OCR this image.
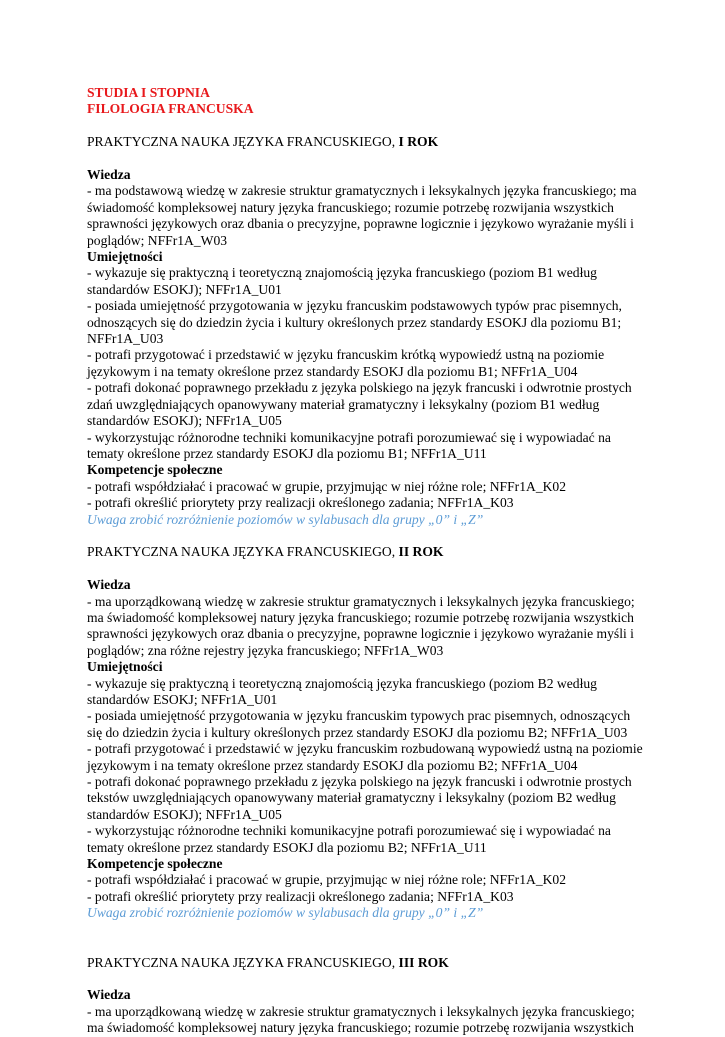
STUDIA I STOPNIA

FILOLOGIA FRANCUSKA

PRAKTYCZNA NAUKA JĘZYKA FRANCUSKIEGO, I ROK

Wiedza

- ma podstawową wiedzę w zakresie struktur gramatycznych i leksykalnych języka francuskiego; ma świadomość kompleksowej natury języka francuskiego; rozumie potrzebę rozwijania wszystkich sprawności językowych oraz dbania o precyzyjne, poprawne logicznie i językowo wyrażanie myśli i poglądów; NFFr1A_W03

Umiejętności

- wykazuje się praktyczną i teoretyczną znajomością języka francuskiego (poziom B1 według standardów ESOKJ); NFFr1A_U01

- posiada umiejętność przygotowania w języku francuskim podstawowych typów prac pisemnych, odnoszących się do dziedzin życia i kultury określonych przez standardy ESOKJ dla poziomu B1; NFFr1A_U03

- potrafi przygotować i przedstawić w języku francuskim krótką wypowiedź ustną na poziomie językowym i na tematy określone przez standardy ESOKJ dla poziomu B1; NFFr1A_U04

- potrafi dokonać poprawnego przekładu z języka polskiego na język francuski i odwrotnie prostych zdań uwzględniających opanowywany materiał gramatyczny i leksykalny (poziom B1 według standardów ESOKJ); NFFr1A_U05

- wykorzystując różnorodne techniki komunikacyjne potrafi porozumiewać się i wypowiadać na tematy określone przez standardy ESOKJ dla poziomu B1; NFFr1A_U11

Kompetencje społeczne

- potrafi współdziałać i pracować w grupie, przyjmując w niej różne role; NFFr1A_K02

- potrafi określić priorytety przy realizacji określonego zadania; NFFr1A_K03

Uwaga zrobić rozróżnienie poziomów w sylabusach dla grupy „0” i „Z”

PRAKTYCZNA NAUKA JĘZYKA FRANCUSKIEGO, II ROK

Wiedza

- ma uporządkowaną wiedzę w zakresie struktur gramatycznych i leksykalnych języka francuskiego; ma świadomość kompleksowej natury języka francuskiego; rozumie potrzebę rozwijania wszystkich sprawności językowych oraz dbania o precyzyjne, poprawne logicznie i językowo wyrażanie myśli i poglądów; zna różne rejestry języka francuskiego; NFFr1A_W03

Umiejętności

- wykazuje się praktyczną i teoretyczną znajomością języka francuskiego (poziom B2 według standardów ESOKJ; NFFr1A_U01

- posiada umiejętność przygotowania w języku francuskim typowych prac pisemnych, odnoszących się do dziedzin życia i kultury określonych przez standardy ESOKJ dla poziomu B2; NFFr1A_U03

- potrafi przygotować i przedstawić w języku francuskim rozbudowaną wypowiedź ustną na poziomie językowym i na tematy określone przez standardy ESOKJ dla poziomu B2; NFFr1A_U04

- potrafi dokonać poprawnego przekładu z języka polskiego na język francuski i odwrotnie prostych tekstów uwzględniających opanowywany materiał gramatyczny i leksykalny (poziom B2 według standardów ESOKJ); NFFr1A_U05

- wykorzystując różnorodne techniki komunikacyjne potrafi porozumiewać się i wypowiadać na tematy określone przez standardy ESOKJ dla poziomu B2; NFFr1A_U11

Kompetencje społeczne

- potrafi współdziałać i pracować w grupie, przyjmując w niej różne role; NFFr1A_K02

- potrafi określić priorytety przy realizacji określonego zadania; NFFr1A_K03

Uwaga zrobić rozróżnienie poziomów w sylabusach dla grupy „0” i „Z”

PRAKTYCZNA NAUKA JĘZYKA FRANCUSKIEGO, III ROK

Wiedza

- ma uporządkowaną wiedzę w zakresie struktur gramatycznych i leksykalnych języka francuskiego; ma świadomość kompleksowej natury języka francuskiego; rozumie potrzebę rozwijania wszystkich
